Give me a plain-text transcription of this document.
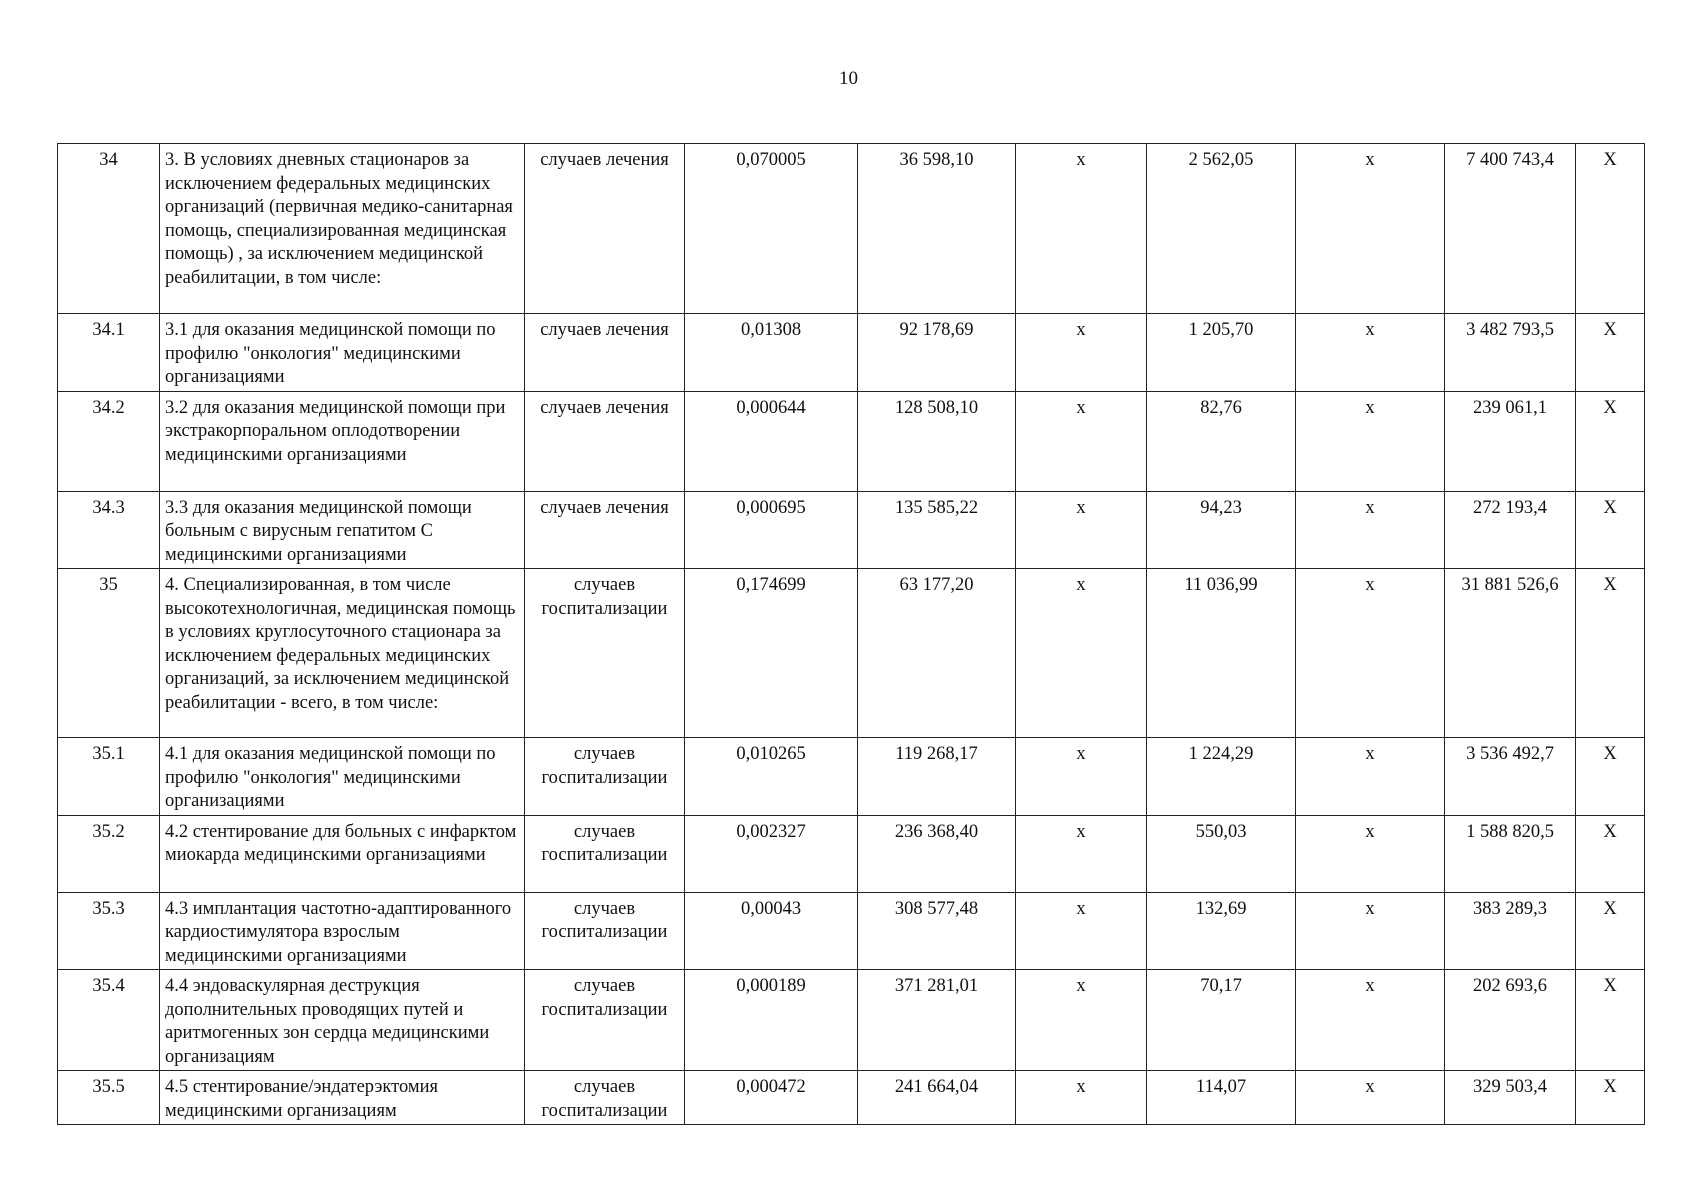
10
34	3. В условиях дневных стационаров за исключением федеральных медицинских организаций (первичная медико-санитарная помощь, специализированная медицинская помощь) , за исключением медицинской реабилитации, в том числе:	случаев лечения	0,070005	36 598,10	х	2 562,05	х	7 400 743,4	Х
34.1	3.1 для оказания медицинской помощи по профилю "онкология" медицинскими организациями	случаев лечения	0,01308	92 178,69	х	1 205,70	х	3 482 793,5	Х
34.2	3.2 для оказания медицинской помощи при экстракорпоральном оплодотворении медицинскими организациями	случаев лечения	0,000644	128 508,10	х	82,76	х	239 061,1	Х
34.3	3.3 для оказания медицинской помощи больным с вирусным гепатитом С медицинскими организациями	случаев лечения	0,000695	135 585,22	х	94,23	х	272 193,4	Х
35	4. Специализированная, в том числе высокотехнологичная, медицинская помощь в условиях круглосуточного стационара за исключением федеральных медицинских организаций, за исключением медицинской реабилитации - всего, в том числе:	случаев госпитализации	0,174699	63 177,20	х	11 036,99	х	31 881 526,6	Х
35.1	4.1 для оказания медицинской помощи по профилю "онкология" медицинскими организациями	случаев госпитализации	0,010265	119 268,17	х	1 224,29	х	3 536 492,7	Х
35.2	4.2 стентирование для больных с инфарктом миокарда медицинскими организациями	случаев госпитализации	0,002327	236 368,40	х	550,03	х	1 588 820,5	Х
35.3	4.3 имплантация частотно-адаптированного кардиостимулятора взрослым медицинскими организациями	случаев госпитализации	0,00043	308 577,48	х	132,69	х	383 289,3	Х
35.4	4.4 эндоваскулярная деструкция дополнительных проводящих путей и аритмогенных зон сердца медицинскими организациям	случаев госпитализации	0,000189	371 281,01	х	70,17	х	202 693,6	Х
35.5	4.5 стентирование/эндатерэктомия медицинскими организациям	случаев госпитализации	0,000472	241 664,04	х	114,07	х	329 503,4	Х
